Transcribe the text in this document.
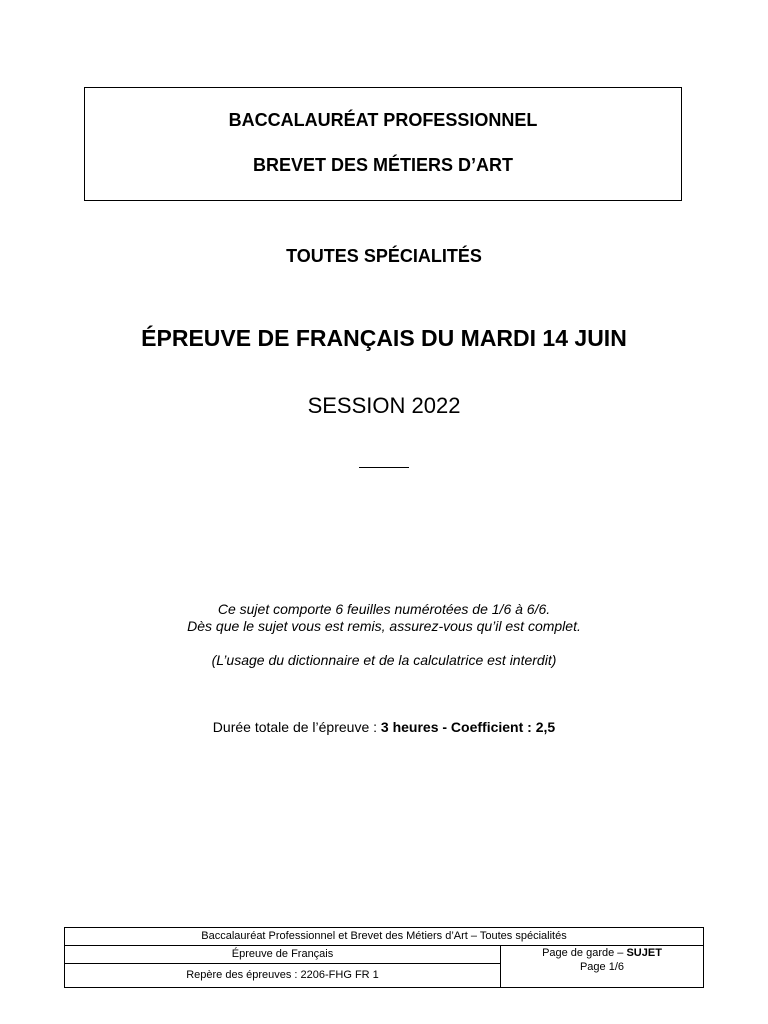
BACCALAURÉAT PROFESSIONNEL
BREVET DES MÉTIERS D’ART
TOUTES SPÉCIALITÉS
ÉPREUVE DE FRANÇAIS DU MARDI 14 JUIN
SESSION 2022
Ce sujet comporte 6 feuilles numérotées de 1/6 à 6/6.
Dès que le sujet vous est remis, assurez-vous qu’il est complet.
(L’usage du dictionnaire et de la calculatrice est interdit)
Durée totale de l’épreuve : 3 heures - Coefficient : 2,5
Baccalauréat Professionnel et Brevet des Métiers d’Art – Toutes spécialités
Épreuve de Français
Repère des épreuves : 2206-FHG FR 1
Page de garde – SUJET
Page 1/6
